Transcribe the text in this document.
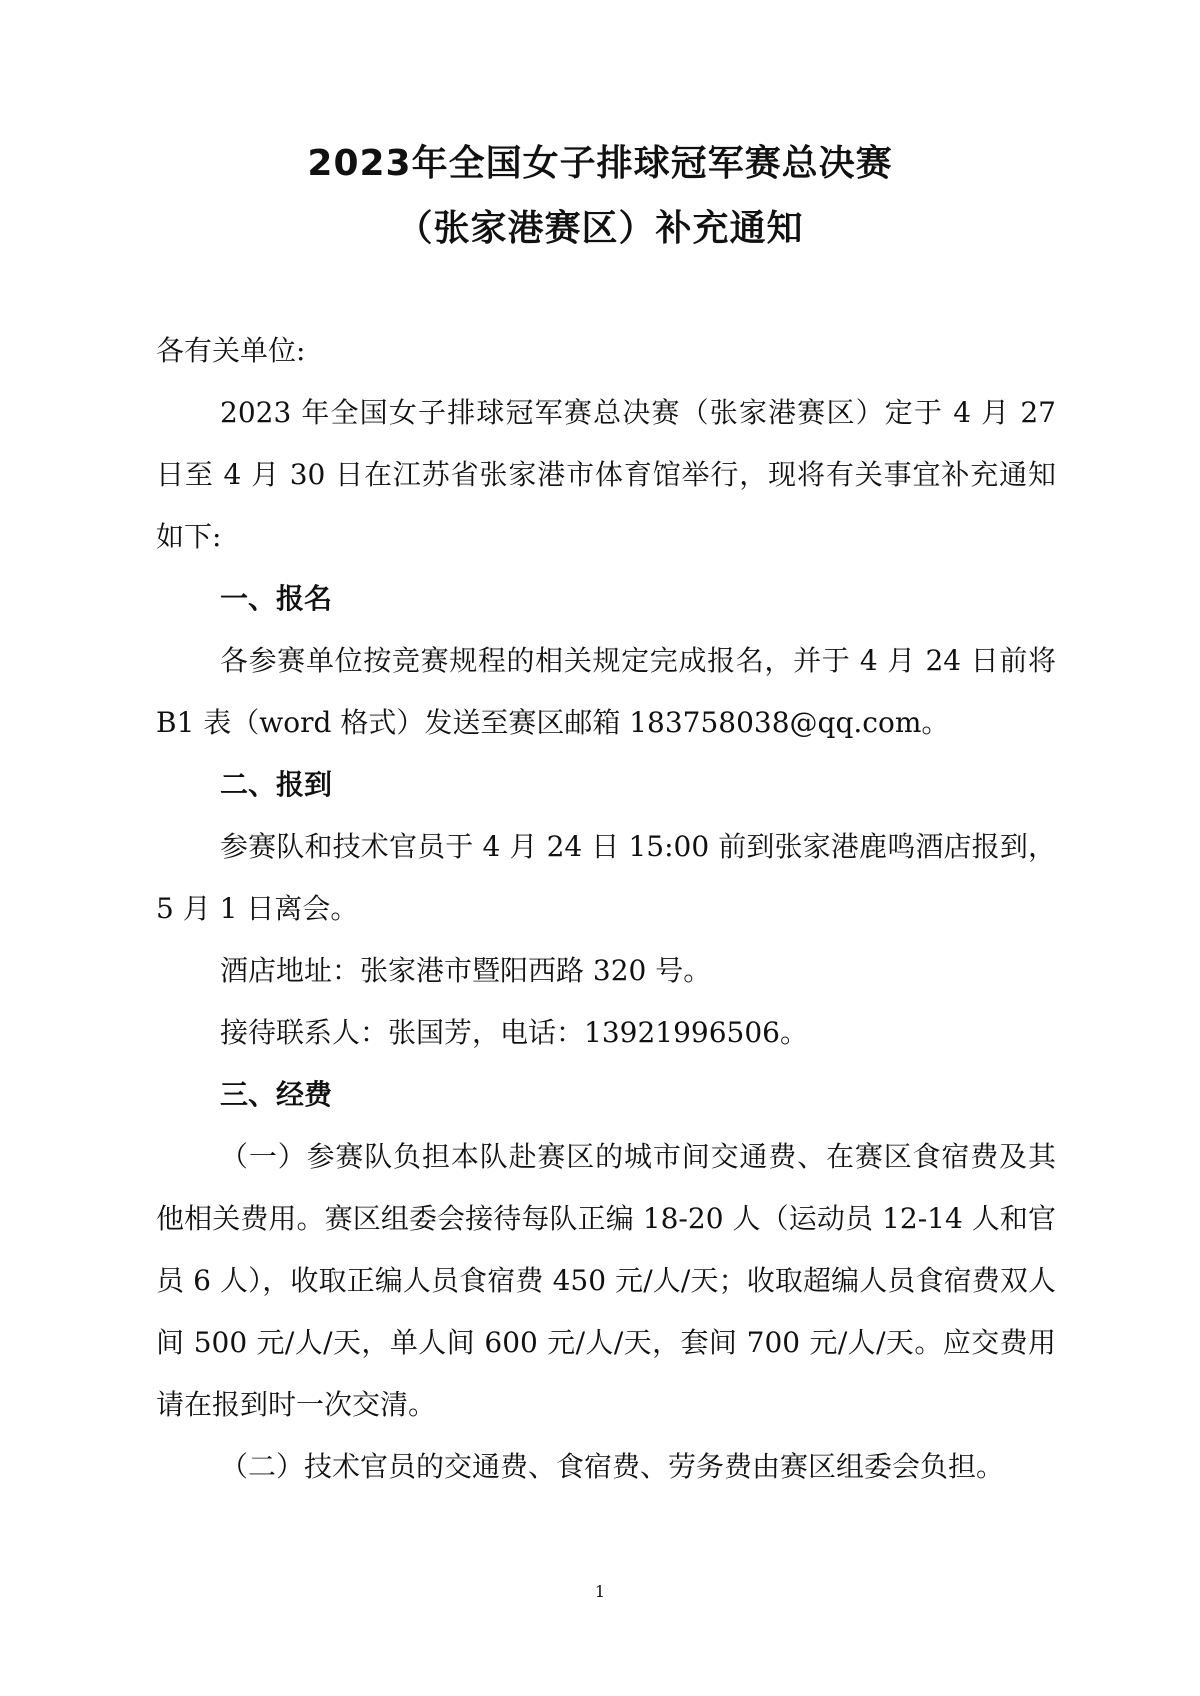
2023年全国女子排球冠军赛总决赛
（张家港赛区）补充通知

各有关单位:

2023 年全国女子排球冠军赛总决赛（张家港赛区）定于 4 月 27 日至 4 月 30 日在江苏省张家港市体育馆举行，现将有关事宜补充通知如下:

一、报名

各参赛单位按竞赛规程的相关规定完成报名，并于 4 月 24 日前将 B1 表（word 格式）发送至赛区邮箱 183758038@qq.com。

二、报到

参赛队和技术官员于 4 月 24 日 15:00 前到张家港鹿鸣酒店报到，5 月 1 日离会。

酒店地址：张家港市暨阳西路 320 号。

接待联系人：张国芳，电话：13921996506。

三、经费

（一）参赛队负担本队赴赛区的城市间交通费、在赛区食宿费及其他相关费用。赛区组委会接待每队正编 18-20 人（运动员 12-14 人和官员 6 人），收取正编人员食宿费 450 元/人/天；收取超编人员食宿费双人间 500 元/人/天，单人间 600 元/人/天，套间 700 元/人/天。应交费用请在报到时一次交清。

（二）技术官员的交通费、食宿费、劳务费由赛区组委会负担。

1
